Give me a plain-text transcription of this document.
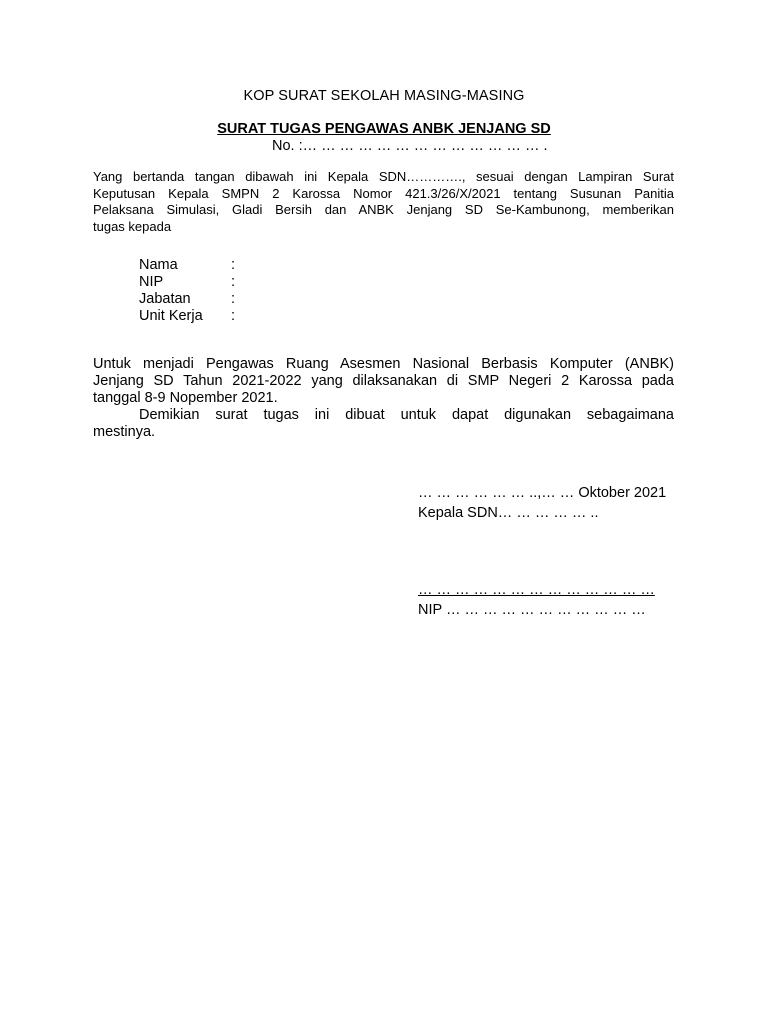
KOP SURAT SEKOLAH MASING-MASING
SURAT TUGAS PENGAWAS ANBK JENJANG SD
No. :… … … … … … … … … … … … … .
Yang bertanda tangan dibawah ini Kepala SDN…………., sesuai dengan Lampiran Surat
Keputusan Kepala SMPN 2 Karossa Nomor 421.3/26/X/2021 tentang Susunan Panitia
Pelaksana Simulasi, Gladi Bersih dan ANBK Jenjang SD Se-Kambunong, memberikan
tugas kepada
Nama	:
NIP	:
Jabatan	:
Unit Kerja	:
Untuk menjadi Pengawas Ruang Asesmen Nasional Berbasis Komputer (ANBK)
Jenjang SD Tahun 2021-2022 yang dilaksanakan di SMP Negeri 2 Karossa pada
tanggal 8-9 Nopember 2021.
Demikian surat tugas ini dibuat untuk dapat digunakan sebagaimana
mestinya.
… … … … … … ..,… … Oktober 2021
Kepala SDN… … … … … ..
… … … … … … … … … … … … …
NIP … … … … … … … … … … …
